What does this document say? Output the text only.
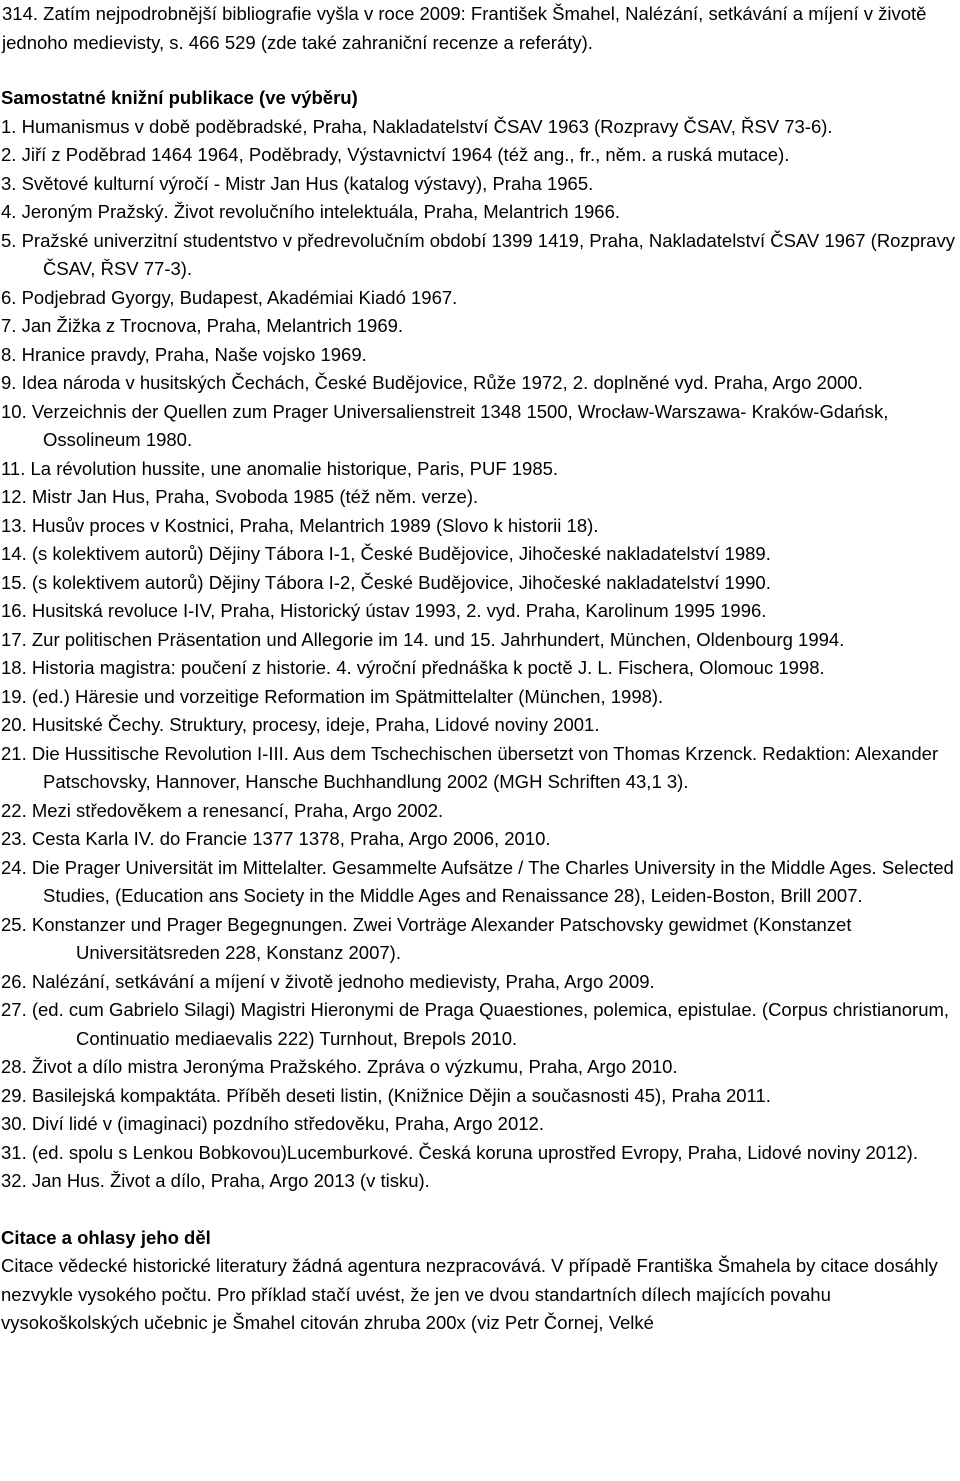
314. Zatím nejpodrobnější bibliografie vyšla v roce 2009: František Šmahel, Nalézání, setkávání a míjení v životě jednoho medievisty, s. 466 529 (zde také zahraniční recenze a referáty).

Samostatné knižní publikace (ve výběru)
1. Humanismus v době poděbradské, Praha, Nakladatelství ČSAV 1963 (Rozpravy ČSAV, ŘSV 73-6).
2. Jiří z Poděbrad 1464 1964, Poděbrady, Výstavnictví 1964 (též ang., fr., něm. a ruská mutace).
3. Světové kulturní výročí - Mistr Jan Hus (katalog výstavy), Praha 1965.
4. Jeroným Pražský. Život revolučního intelektuála, Praha, Melantrich 1966.
5. Pražské univerzitní studentstvo v předrevolučním období 1399 1419, Praha, Nakladatelství ČSAV 1967 (Rozpravy ČSAV, ŘSV 77-3).
6. Podjebrad Gyorgy, Budapest, Akadémiai Kiadó 1967.
7. Jan Žižka z Trocnova, Praha, Melantrich 1969.
8. Hranice pravdy, Praha, Naše vojsko 1969.
9. Idea národa v husitských Čechách, České Budějovice, Růže 1972, 2. doplněné vyd. Praha, Argo 2000.
10. Verzeichnis der Quellen zum Prager Universalienstreit 1348 1500, Wrocław-Warszawa- Kraków-Gdańsk, Ossolineum 1980.
11. La révolution hussite, une anomalie historique, Paris, PUF 1985.
12. Mistr Jan Hus, Praha, Svoboda 1985 (též něm. verze).
13. Husův proces v Kostnici, Praha, Melantrich 1989 (Slovo k historii 18).
14. (s kolektivem autorů) Dějiny Tábora I-1, České Budějovice, Jihočeské nakladatelství 1989.
15. (s kolektivem autorů) Dějiny Tábora I-2, České Budějovice, Jihočeské nakladatelství 1990.
16. Husitská revoluce I-IV, Praha, Historický ústav 1993, 2. vyd. Praha, Karolinum 1995 1996.
17. Zur politischen Präsentation und Allegorie im 14. und 15. Jahrhundert, München, Oldenbourg 1994.
18. Historia magistra: poučení z historie. 4. výroční přednáška k poctě J. L. Fischera, Olomouc 1998.
19. (ed.) Häresie und vorzeitige Reformation im Spätmittelalter (München, 1998).
20. Husitské Čechy. Struktury, procesy, ideje, Praha, Lidové noviny 2001.
21. Die Hussitische Revolution I-III. Aus dem Tschechischen übersetzt von Thomas Krzenck. Redaktion: Alexander Patschovsky, Hannover, Hansche Buchhandlung 2002 (MGH Schriften 43,1 3).
22. Mezi středověkem a renesancí, Praha, Argo 2002.
23. Cesta Karla IV. do Francie 1377 1378, Praha, Argo 2006, 2010.
24. Die Prager Universität im Mittelalter. Gesammelte Aufsätze / The Charles University in the Middle Ages. Selected Studies, (Education ans Society in the Middle Ages and Renaissance 28), Leiden-Boston, Brill 2007.
25. Konstanzer und Prager Begegnungen. Zwei Vorträge Alexander Patschovsky gewidmet (Konstanzet Universitätsreden 228, Konstanz 2007).
26. Nalézání, setkávání a míjení v životě jednoho medievisty, Praha, Argo 2009.
27. (ed. cum Gabrielo Silagi) Magistri Hieronymi de Praga Quaestiones, polemica, epistulae. (Corpus christianorum, Continuatio mediaevalis 222) Turnhout, Brepols 2010.
28. Život a dílo mistra Jeronýma Pražského. Zpráva o výzkumu, Praha, Argo 2010.
29. Basilejská kompaktáta. Příběh deseti listin, (Knižnice Dějin a současnosti 45), Praha 2011.
30. Diví lidé v (imaginaci) pozdního středověku, Praha, Argo 2012.
31. (ed. spolu s Lenkou Bobkovou)Lucemburkové. Česká koruna uprostřed Evropy, Praha, Lidové noviny 2012).
32. Jan Hus. Život a dílo, Praha, Argo 2013 (v tisku).
Citace a ohlasy jeho děl

Citace vědecké historické literatury žádná agentura nezpracovává. V případě Františka Šmahela by citace dosáhly nezvykle vysokého počtu. Pro příklad stačí uvést, že jen ve dvou standartních dílech majících povahu vysokoškolských učebnic je Šmahel citován zhruba 200x (viz Petr Čornej, Velké
